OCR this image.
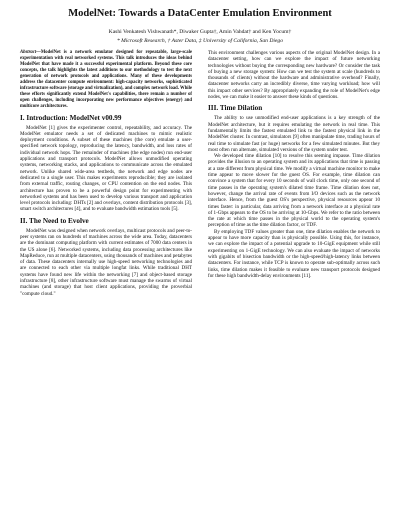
ModelNet: Towards a DataCenter Emulation Environment
Kashi Venkatesh Vishwanath*, Diwaker Gupta†, Amin Vahdat† and Ken Yocum†
* Microsoft Research, † Aster Data, ‡ University of California, San Diego

Abstract—ModelNet is a network emulator designed for repeatable, large-scale experimentation with real networked systems. This talk introduces the ideas behind ModelNet that have made it a successful experimental platform. Beyond these core concepts, the talk highlights the latest additions to our methodology to test the next generation of network protocols and applications. Many of these developments address the datacenter compute environment: high-capacity networks, sophisticated infrastructure software (storage and virtualization), and complex network load. While these efforts significantly extend ModelNet's capabilities, there remain a number of open challenges, including incorporating new performance objectives (energy) and multicore architectures.

I. Introduction: ModelNet v00.99

ModelNet [1] gives the experimenter control, repeatability, and accuracy. The ModelNet emulator needs a set of dedicated machines to mimic realistic deployment conditions. A subset of these machines (the core) emulate a user-specified network topology, reproducing the latency, bandwidth, and loss rates of individual network hops. The remainder of machines (the edge nodes) run end-user applications and transport protocols. ModelNet allows unmodified operating systems, networking stacks, and applications to communicate across the emulated network. Unlike shared wide-area testbeds, the network and edge nodes are dedicated to a single user. This makes experiments reproducible; they are isolated from external traffic, routing changes, or CPU contention on the end nodes. This architecture has proven to be a powerful design point for experimenting with networked systems and has been used to develop various transport and application level protocols including: DHTs [2] and overlays, content distribution protocols [3], smart switch architectures [4], and to evaluate bandwidth estimation tools [5].

II. The Need to Evolve

ModelNet was designed when network overlays, multicast protocols and peer-to-peer systems ran on hundreds of machines across the wide area. Today, datacenters are the dominant computing platform with current estimates of 7000 data centers in the US alone [6]. Networked systems, including data processing architectures like MapReduce, run at multiple datacenters, using thousands of machines and petabytes of data. These datacenters internally use high-speed networking technologies and are connected to each other via multiple longfat links. While traditional DHT systems have found new life within the networking [7] and object-based storage infrastructure [8], other infrastructure software must manage the swarms of virtual machines (and storage) that host client applications, providing the proverbial "compute cloud."

This environment challenges various aspects of the original ModelNet design. In a datacenter setting, how can we explore the impact of future networking technologies without buying the corresponding new hardware? Or consider the task of buying a new storage system: How can we test the system at scale (hundreds to thousands of clients) without the hardware and administrative overhead? Finally, datacenter networks carry an incredibly diverse, time varying workload; how will this impact other services? By appropriately expanding the role of ModelNet's edge nodes, we can make it easier to answer these kinds of questions.

III. Time Dilation

The ability to use unmodified end-user applications is a key strength of the ModelNet architecture, but it requires emulating the network in real time. This fundamentally limits the fastest emulated link to the fastest physical link in the ModelNet cluster. In contrast, simulators [9] often manipulate time, trading hours of real time to simulate fast (or huge) networks for a few simulated minutes. But they most often run alternate, simulated versions of the system under test.

We developed time dilation [10] to resolve this seeming impasse. Time dilation provides the illusion to an operating system and its applications that time is passing at a rate different from physical time. We modify a virtual machine monitor to make time appear to move slower for the guest OS. For example, time dilation can convince a system that for every 10 seconds of wall clock time, only one second of time passes in the operating system's dilated time frame. Time dilation does not, however, change the arrival rate of events from I/O devices such as the network interface. Hence, from the guest OS's perspective, physical resources appear 10 times faster: in particular, data arriving from a network interface at a physical rate of 1-Gbps appears to the OS to be arriving at 10-Gbps. We refer to the ratio between the rate at which time passes in the physical world to the operating system's perception of time as the time dilation factor, or TDF.

By employing TDF values greater than one, time dilation enables the network to appear to have more capacity than is physically possible. Using this, for instance, we can explore the impact of a potential upgrade to 10-GigE equipment while still experimenting on 1-GigE technology. We can also evaluate the impact of networks with gigabits of bisection bandwidth or the high-speed/high-latency links between datacenters. For instance, while TCP is known to operate sub-optimally across such links, time dilation makes it feasible to evaluate new transport protocols designed for these high bandwidth-delay environments [11].
